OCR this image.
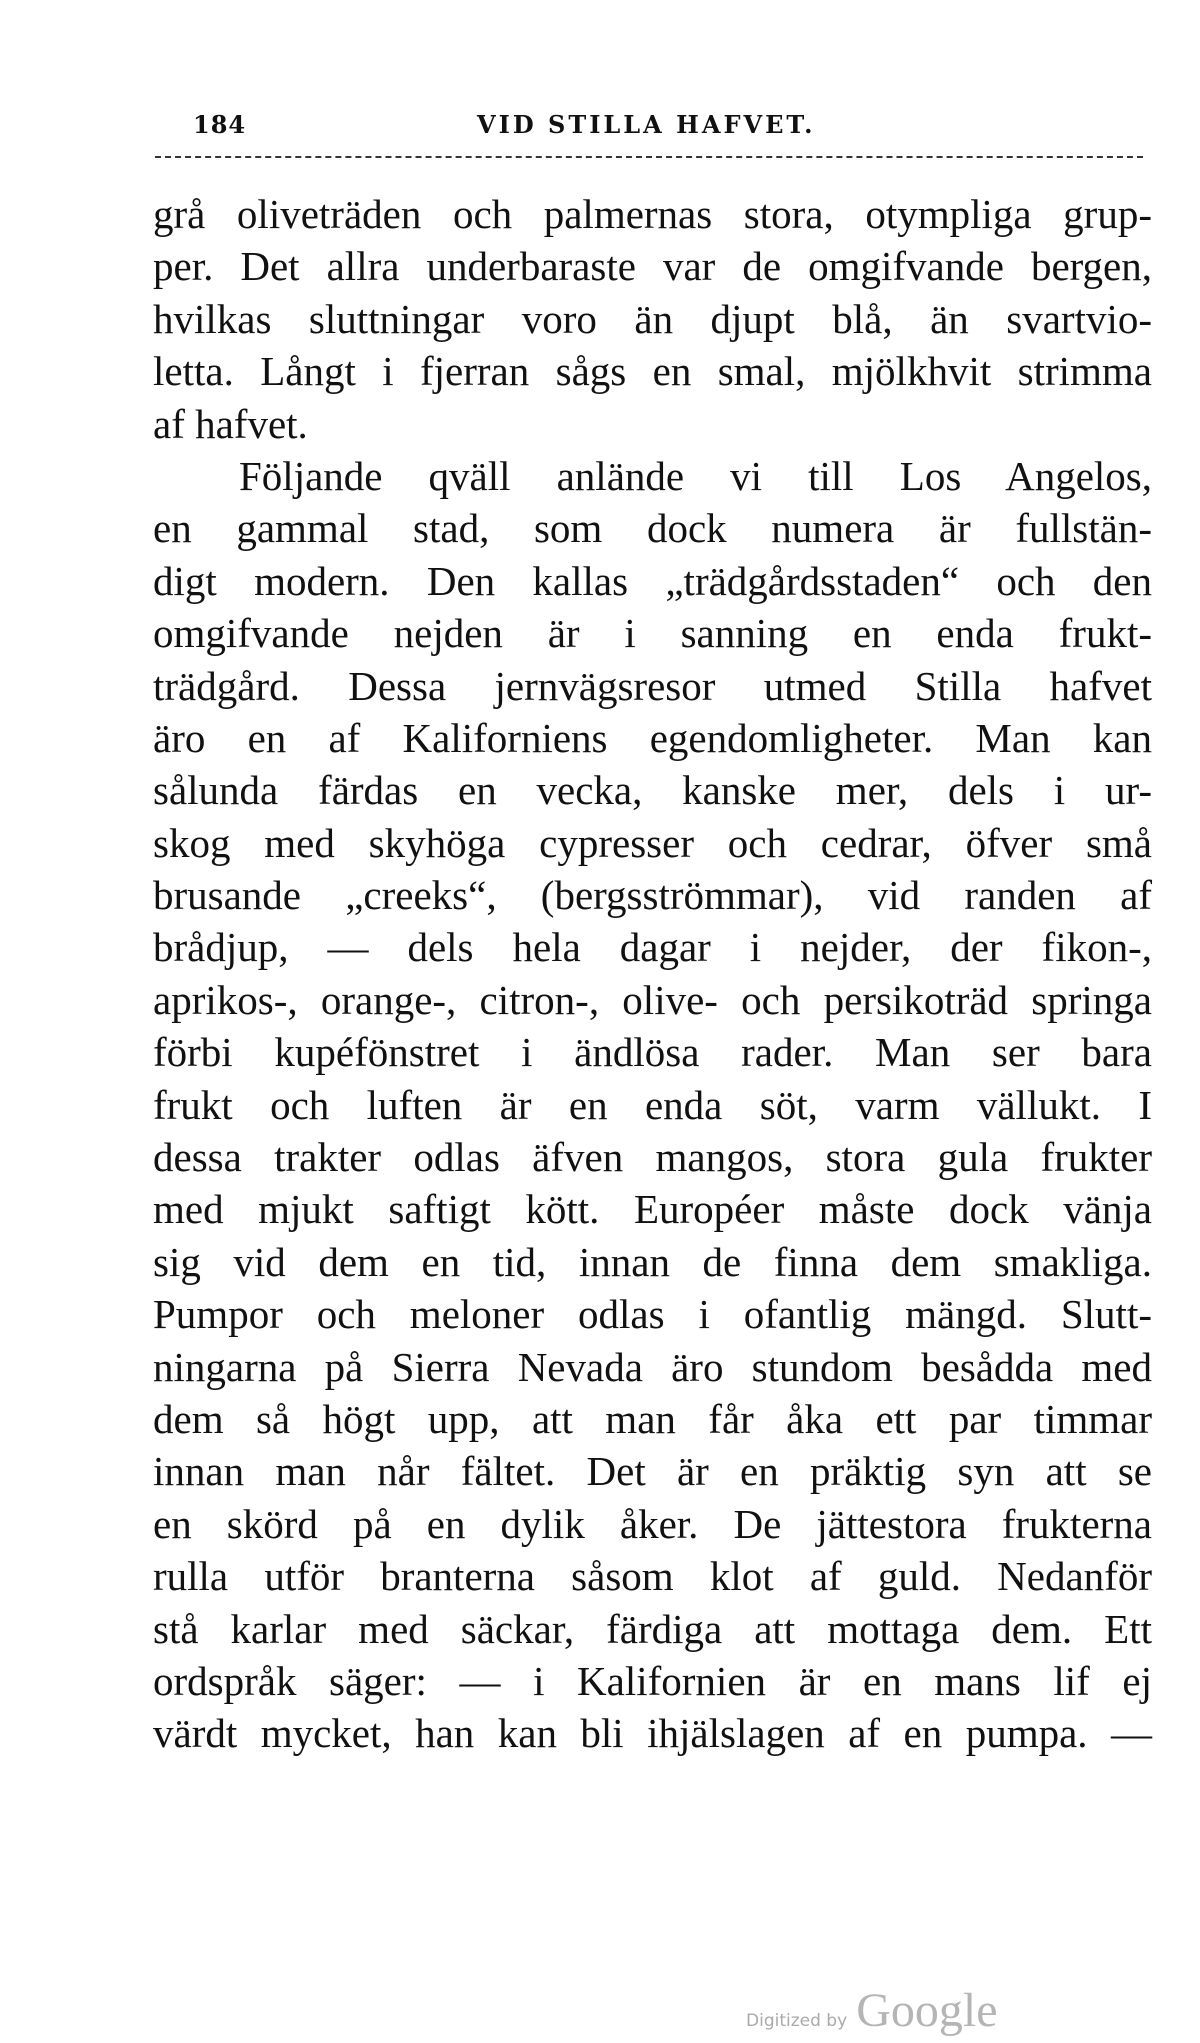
184	VID STILLA HAFVET.
grå oliveträden och palmernas stora, otympliga grup-
per. Det allra underbaraste var de omgifvande bergen,
hvilkas sluttningar voro än djupt blå, än svartvio-
letta. Långt i fjerran sågs en smal, mjölkhvit strimma
af hafvet.
Följande qväll anlände vi till Los Angelos,
en gammal stad, som dock numera är fullstän-
digt modern. Den kallas „trädgårdsstaden“ och den
omgifvande nejden är i sanning en enda frukt-
trädgård. Dessa jernvägsresor utmed Stilla hafvet
äro en af Kaliforniens egendomligheter. Man kan
sålunda färdas en vecka, kanske mer, dels i ur-
skog med skyhöga cypresser och cedrar, öfver små
brusande „creeks“, (bergsströmmar), vid randen af
brådjup, — dels hela dagar i nejder, der fikon-,
aprikos-, orange-, citron-, olive- och persikoträd springa
förbi kupéfönstret i ändlösa rader. Man ser bara
frukt och luften är en enda söt, varm vällukt. I
dessa trakter odlas äfven mangos, stora gula frukter
med mjukt saftigt kött. Européer måste dock vänja
sig vid dem en tid, innan de finna dem smakliga.
Pumpor och meloner odlas i ofantlig mängd. Slutt-
ningarna på Sierra Nevada äro stundom besådda med
dem så högt upp, att man får åka ett par timmar
innan man når fältet. Det är en präktig syn att se
en skörd på en dylik åker. De jättestora frukterna
rulla utför branterna såsom klot af guld. Nedanför
stå karlar med säckar, färdiga att mottaga dem. Ett
ordspråk säger: — i Kalifornien är en mans lif ej
värdt mycket, han kan bli ihjälslagen af en pumpa. —
Digitized by Google
